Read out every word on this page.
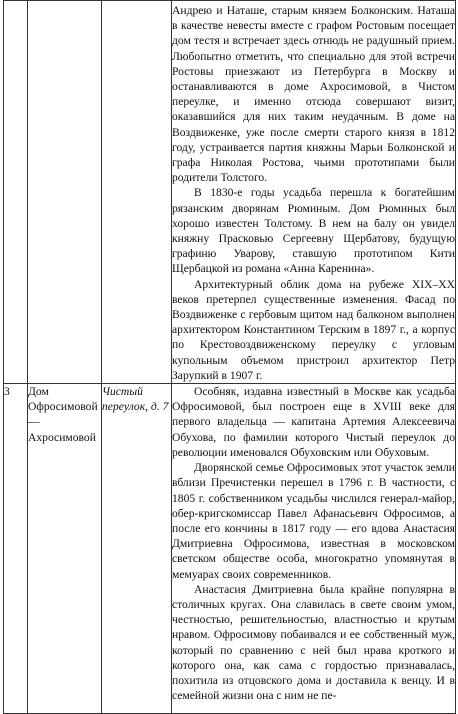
			Андрею и Наташе, старым князем Болконским. Наташа в качестве невесты вместе с графом Ростовым посещает дом тестя и встречает здесь отнюдь не радушный прием. Любопытно отметить, что специально для этой встречи Ростовы приезжают из Петербурга в Москву и останавливаются в доме Ахросимовой, в Чистом переулке, и именно отсюда совершают визит, оказавшийся для них таким неудачным. В доме на Воздвиженке, уже после смерти старого князя в 1812 году, устраивается партия княжны Марьи Болконской и графа Николая Ростова, чьими прототипами были родители Толстого.

В 1830-е годы усадьба перешла к богатейшим рязанским дворянам Рюминым. Дом Рюминых был хорошо известен Толстому. В нем на балу он увидел княжну Прасковью Сергеевну Щербатову, будущую графиню Уварову, ставшую прототипом Кити Щербацкой из романа «Анна Каренина».

Архитектурный облик дома на рубеже XIX–XX веков претерпел существенные изменения. Фасад по Воздвиженке с гербовым щитом над балконом выполнен архитектором Константином Терским в 1897 г., а корпус по Крестовоздвиженскому переулку с угловым купольным объемом пристроил архитектор Петр Зарупкий в 1907 г.

3	Дом Офросимовой — Ахросимовой	Чистый переулок, д. 7	Особняк, издавна известный в Москве как усадьба Офросимовой, был построен еще в XVIII веке для первого владельца — капитана Артемия Алексеевича Обухова, по фамилии которого Чистый переулок до революции именовался Обуховским или Обуховым.

Дворянской семье Офросимовых этот участок земли вблизи Пречистенки перешел в 1796 г. В частности, с 1805 г. собственником усадьбы числился генерал-майор, обер-кригскомиссар Павел Афанасьевич Офросимов, а после его кончины в 1817 году — его вдова Анастасия Дмитриевна Офросимова, известная в московском светском обществе особа, многократно упомянутая в мемуарах своих современников.

Анастасия Дмитриевна была крайне популярна в столичных кругах. Она славилась в свете своим умом, честностью, решительностью, властностью и крутым нравом. Офросимову побаивался и ее собственный муж, который по сравнению с ней был нрава кроткого и которого она, как сама с гордостью признавалась, похитила из отцовского дома и доставила к венцу. И в семейной жизни она с ним не пе-
